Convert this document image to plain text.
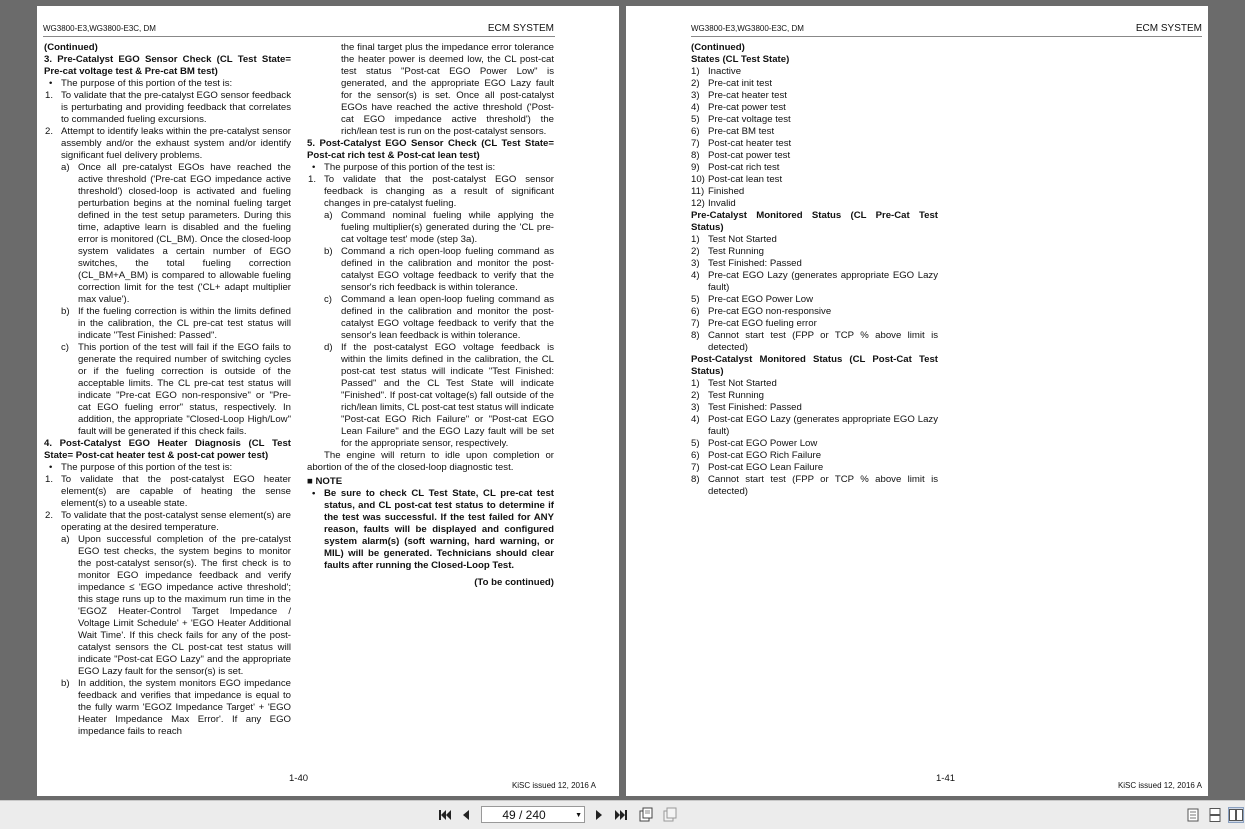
WG3800-E3,WG3800-E3C, DM	ECM SYSTEM

(Continued)

3. Pre-Catalyst EGO Sensor Check (CL Test State= Pre-cat voltage test & Pre-cat BM test)

• The purpose of this portion of the test is:

1. To validate that the pre-catalyst EGO sensor feedback is perturbating and providing feedback that correlates to commanded fueling excursions.

2. Attempt to identify leaks within the pre-catalyst sensor assembly and/or the exhaust system and/or identify significant fuel delivery problems.

a) Once all pre-catalyst EGOs have reached the active threshold ('Pre-cat EGO impedance active threshold') closed-loop is activated and fueling perturbation begins at the nominal fueling target defined in the test setup parameters. During this time, adaptive learn is disabled and the fueling error is monitored (CL_BM). Once the closed-loop system validates a certain number of EGO switches, the total fueling correction (CL_BM+A_BM) is compared to allowable fueling correction limit for the test ('CL+ adapt multiplier max value').

b) If the fueling correction is within the limits defined in the calibration, the CL pre-cat test status will indicate "Test Finished: Passed".

c) This portion of the test will fail if the EGO fails to generate the required number of switching cycles or if the fueling correction is outside of the acceptable limits. The CL pre-cat test status will indicate "Pre-cat EGO non-responsive" or "Pre-cat EGO fueling error" status, respectively. In addition, the appropriate "Closed-Loop High/Low" fault will be generated if this check fails.

4. Post-Catalyst EGO Heater Diagnosis (CL Test State= Post-cat heater test & post-cat power test)

• The purpose of this portion of the test is:

1. To validate that the post-catalyst EGO heater element(s) are capable of heating the sense element(s) to a useable state.

2. To validate that the post-catalyst sense element(s) are operating at the desired temperature.

a) Upon successful completion of the pre-catalyst EGO test checks, the system begins to monitor the post-catalyst sensor(s). The first check is to monitor EGO impedance feedback and verify impedance ≤ 'EGO impedance active threshold'; this stage runs up to the maximum run time in the 'EGOZ Heater-Control Target Impedance / Voltage Limit Schedule' + 'EGO Heater Additional Wait Time'. If this check fails for any of the post-catalyst sensors the CL post-cat test status will indicate "Post-cat EGO Lazy" and the appropriate EGO Lazy fault for the sensor(s) is set.

b) In addition, the system monitors EGO impedance feedback and verifies that impedance is equal to the fully warm 'EGOZ Impedance Target' + 'EGO Heater Impedance Max Error'. If any EGO impedance fails to reach

the final target plus the impedance error tolerance the heater power is deemed low, the CL post-cat test status "Post-cat EGO Power Low" is generated, and the appropriate EGO Lazy fault for the sensor(s) is set. Once all post-catalyst EGOs have reached the active threshold ('Post-cat EGO impedance active threshold') the rich/lean test is run on the post-catalyst sensors.

5. Post-Catalyst EGO Sensor Check (CL Test State= Post-cat rich test & Post-cat lean test)

• The purpose of this portion of the test is:

1. To validate that the post-catalyst EGO sensor feedback is changing as a result of significant changes in pre-catalyst fueling.

a) Command nominal fueling while applying the fueling multiplier(s) generated during the 'CL pre-cat voltage test' mode (step 3a).

b) Command a rich open-loop fueling command as defined in the calibration and monitor the post-catalyst EGO voltage feedback to verify that the sensor's rich feedback is within tolerance.

c) Command a lean open-loop fueling command as defined in the calibration and monitor the post-catalyst EGO voltage feedback to verify that the sensor's lean feedback is within tolerance.

d) If the post-catalyst EGO voltage feedback is within the limits defined in the calibration, the CL post-cat test status will indicate "Test Finished: Passed" and the CL Test State will indicate "Finished". If post-cat voltage(s) fall outside of the rich/lean limits, CL post-cat test status will indicate "Post-cat EGO Rich Failure" or "Post-cat EGO Lean Failure" and the EGO Lazy fault will be set for the appropriate sensor, respectively.

The engine will return to idle upon completion or abortion of the of the closed-loop diagnostic test.

■ NOTE

• Be sure to check CL Test State, CL pre-cat test status, and CL post-cat test status to determine if the test was successful. If the test failed for ANY reason, faults will be displayed and configured system alarm(s) (soft warning, hard warning, or MIL) will be generated. Technicians should clear faults after running the Closed-Loop Test.

(To be continued)

1-40
KiSC issued 12, 2016 A
WG3800-E3,WG3800-E3C, DM	ECM SYSTEM

(Continued)

States (CL Test State)

1) Inactive

2) Pre-cat init test

3) Pre-cat heater test

4) Pre-cat power test

5) Pre-cat voltage test

6) Pre-cat BM test

7) Post-cat heater test

8) Post-cat power test

9) Post-cat rich test

10) Post-cat lean test

11) Finished

12) Invalid

Pre-Catalyst Monitored Status (CL Pre-Cat Test Status)

1) Test Not Started

2) Test Running

3) Test Finished: Passed

4) Pre-cat EGO Lazy (generates appropriate EGO Lazy fault)

5) Pre-cat EGO Power Low

6) Pre-cat EGO non-responsive

7) Pre-cat EGO fueling error

8) Cannot start test (FPP or TCP % above limit is detected)

Post-Catalyst Monitored Status (CL Post-Cat Test Status)

1) Test Not Started

2) Test Running

3) Test Finished: Passed

4) Post-cat EGO Lazy (generates appropriate EGO Lazy fault)

5) Post-cat EGO Power Low

6) Post-cat EGO Rich Failure

7) Post-cat EGO Lean Failure

8) Cannot start test (FPP or TCP % above limit is detected)

1-41
KiSC issued 12, 2016 A
49 / 240	▼
